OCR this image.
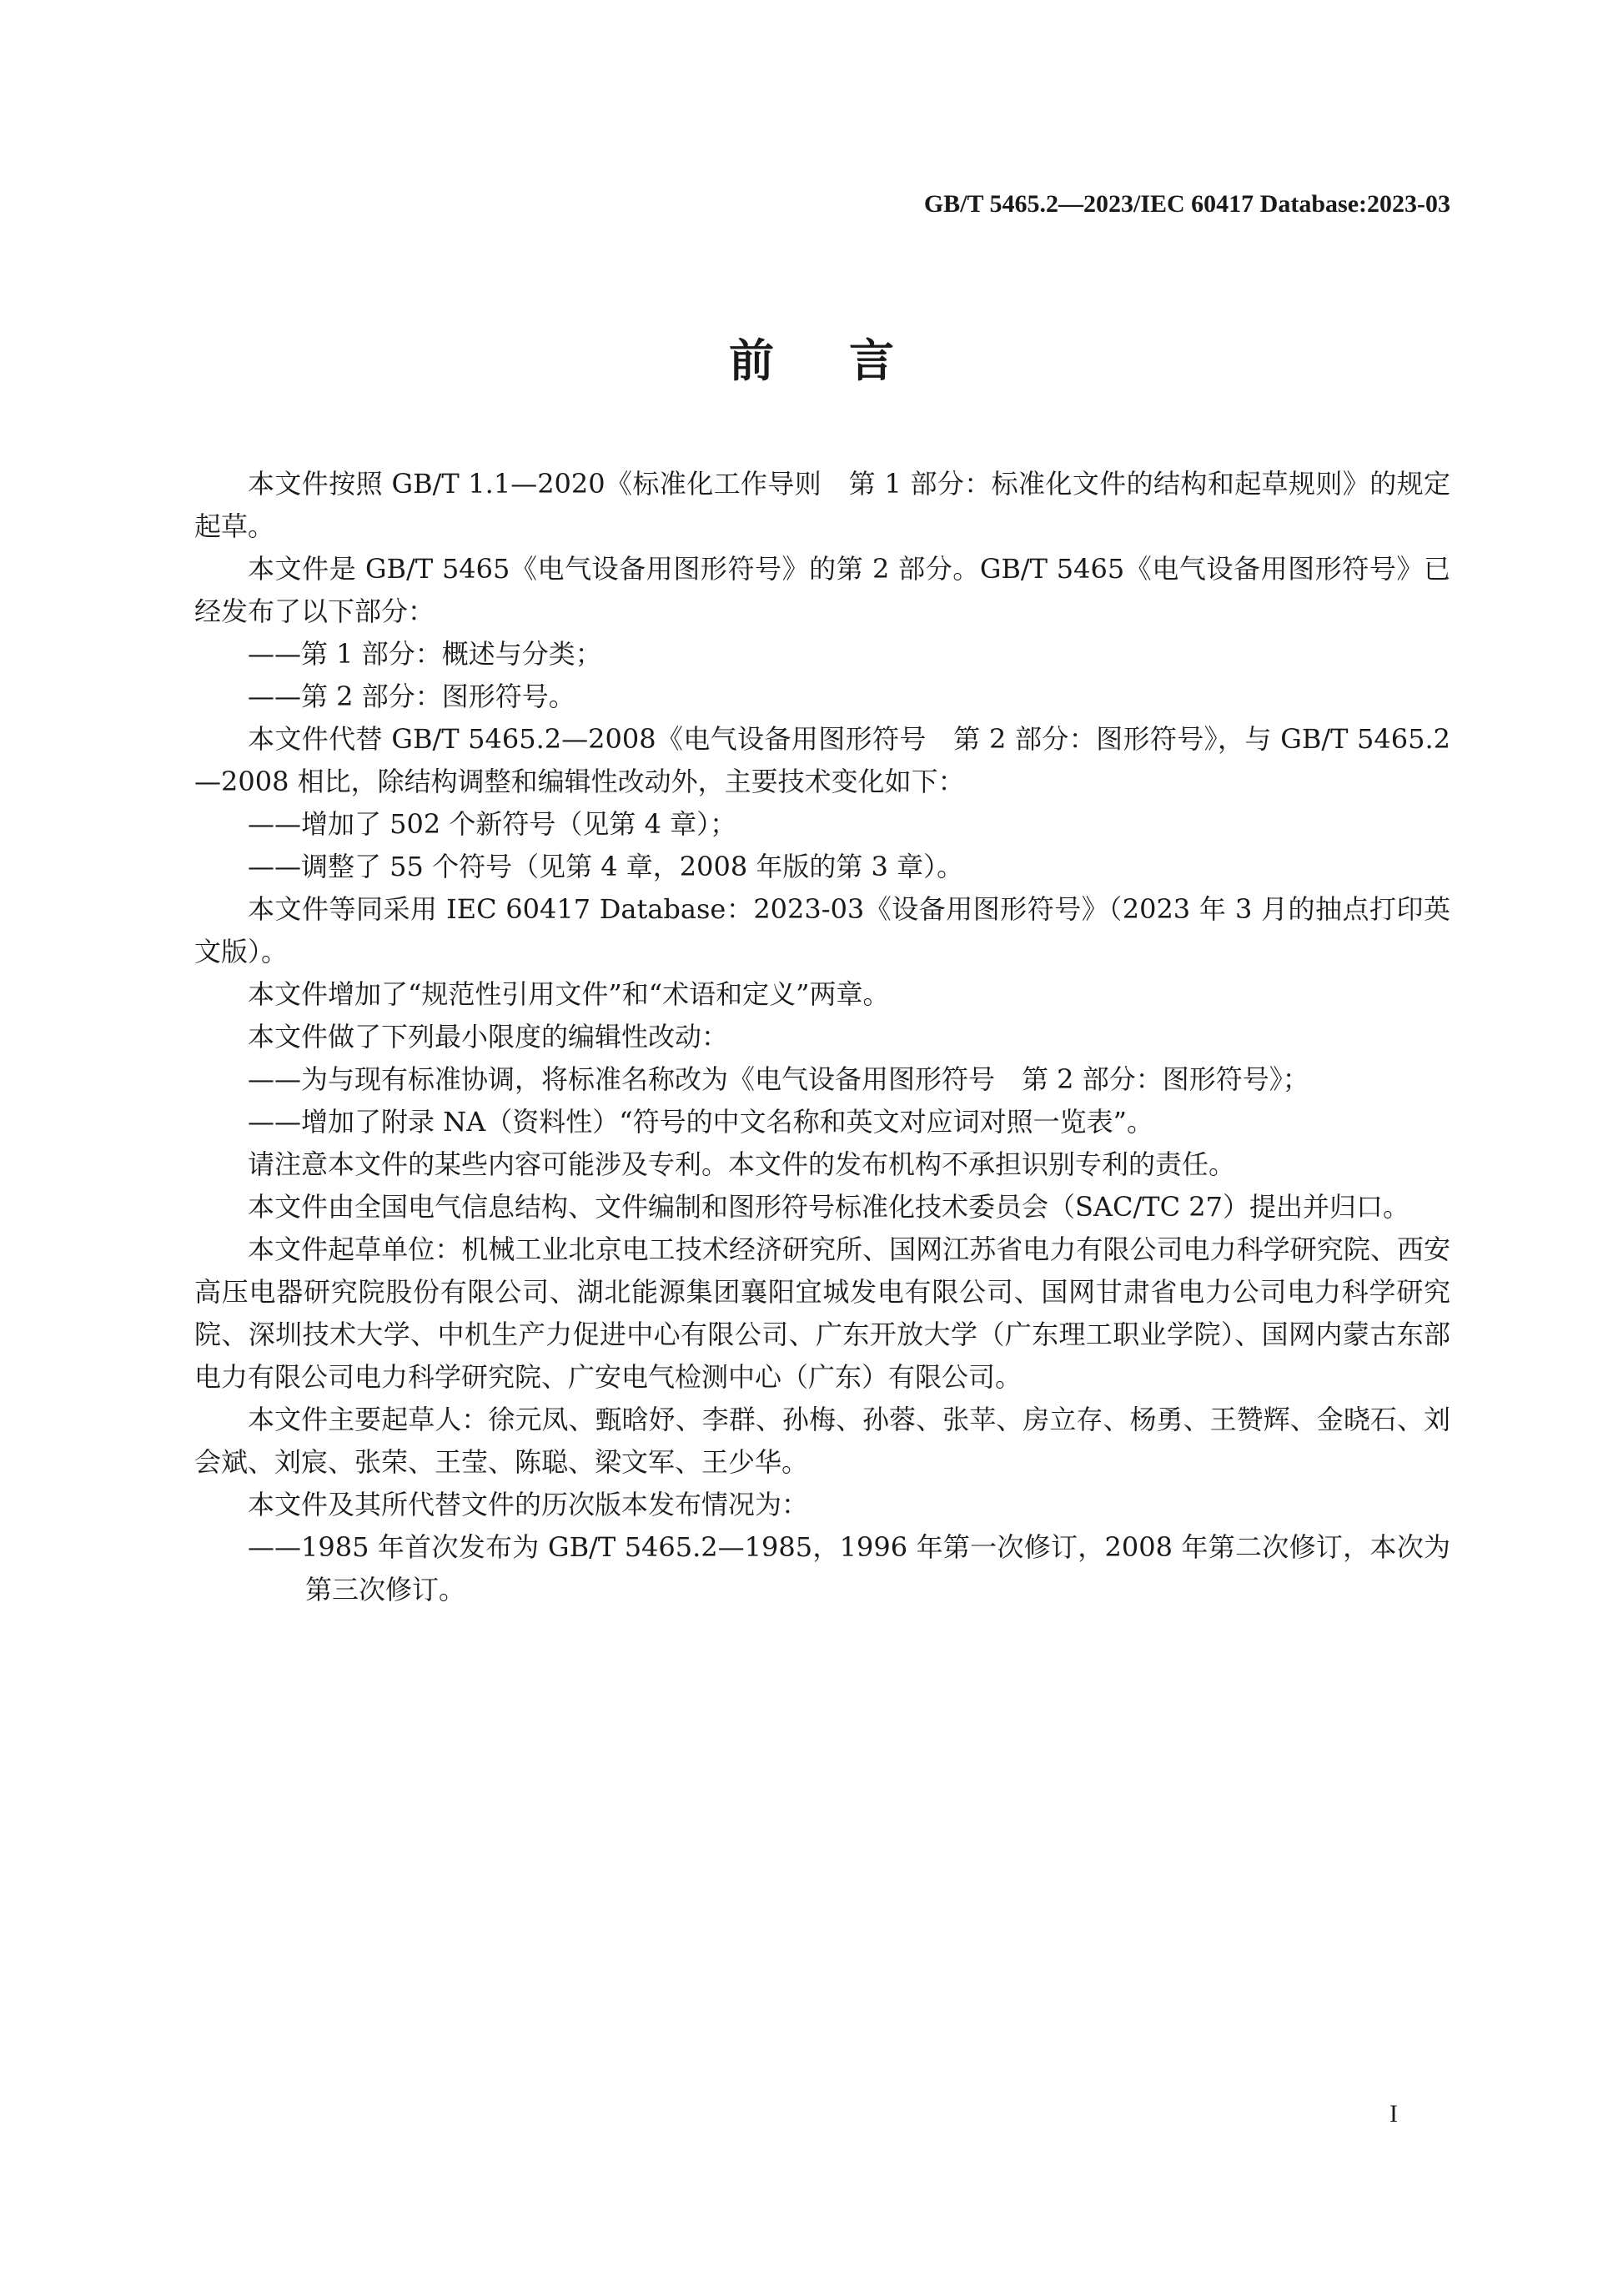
GB/T 5465.2—2023/IEC 60417 Database:2023-03
前言

本文件按照 GB/T 1.1—2020《标准化工作导则　第 1 部分：标准化文件的结构和起草规则》的规定起草。

本文件是 GB/T 5465《电气设备用图形符号》的第 2 部分。GB/T 5465《电气设备用图形符号》已经发布了以下部分：

——第 1 部分：概述与分类；

——第 2 部分：图形符号。

本文件代替 GB/T 5465.2—2008《电气设备用图形符号　第 2 部分：图形符号》，与 GB/T 5465.2—2008 相比，除结构调整和编辑性改动外，主要技术变化如下：

——增加了 502 个新符号（见第 4 章）；

——调整了 55 个符号（见第 4 章，2008 年版的第 3 章）。

本文件等同采用 IEC 60417 Database：2023-03《设备用图形符号》（2023 年 3 月的抽点打印英文版）。

本文件增加了“规范性引用文件”和“术语和定义”两章。

本文件做了下列最小限度的编辑性改动：

——为与现有标准协调，将标准名称改为《电气设备用图形符号　第 2 部分：图形符号》；

——增加了附录 NA（资料性）“符号的中文名称和英文对应词对照一览表”。

请注意本文件的某些内容可能涉及专利。本文件的发布机构不承担识别专利的责任。

本文件由全国电气信息结构、文件编制和图形符号标准化技术委员会（SAC/TC 27）提出并归口。

本文件起草单位：机械工业北京电工技术经济研究所、国网江苏省电力有限公司电力科学研究院、西安高压电器研究院股份有限公司、湖北能源集团襄阳宜城发电有限公司、国网甘肃省电力公司电力科学研究院、深圳技术大学、中机生产力促进中心有限公司、广东开放大学（广东理工职业学院）、国网内蒙古东部电力有限公司电力科学研究院、广安电气检测中心（广东）有限公司。

本文件主要起草人：徐元凤、甄晗妤、李群、孙梅、孙蓉、张苹、房立存、杨勇、王赞辉、金晓石、刘会斌、刘宸、张荣、王莹、陈聪、梁文军、王少华。

本文件及其所代替文件的历次版本发布情况为：

——1985 年首次发布为 GB/T 5465.2—1985，1996 年第一次修订，2008 年第二次修订，本次为第三次修订。

I
